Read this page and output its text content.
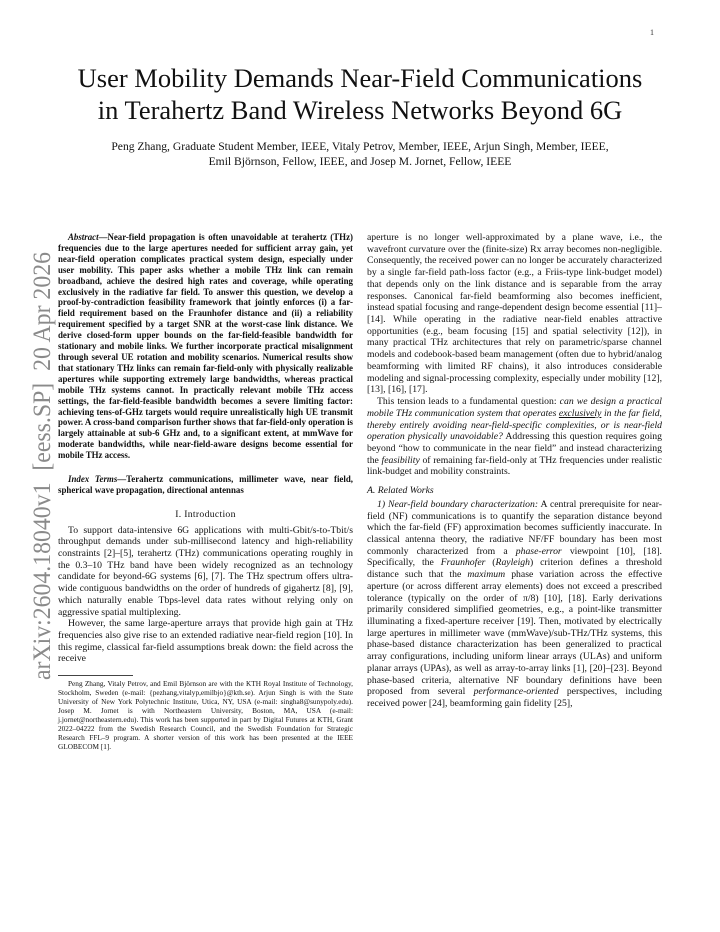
1
arXiv:2604.18040v1  [eess.SP]  20 Apr 2026
User Mobility Demands Near-Field Communications
in Terahertz Band Wireless Networks Beyond 6G
Peng Zhang, Graduate Student Member, IEEE, Vitaly Petrov, Member, IEEE, Arjun Singh, Member, IEEE,
Emil Björnson, Fellow, IEEE, and Josep M. Jornet, Fellow, IEEE

Abstract—Near-field propagation is often unavoidable at terahertz (THz) frequencies due to the large apertures needed for sufficient array gain, yet near-field operation complicates practical system design, especially under user mobility. This paper asks whether a mobile THz link can remain broadband, achieve the desired high rates and coverage, while operating exclusively in the radiative far field. To answer this question, we develop a proof-by-contradiction feasibility framework that jointly enforces (i) a far-field requirement based on the Fraunhofer distance and (ii) a reliability requirement specified by a target SNR at the worst-case link distance. We derive closed-form upper bounds on the far-field-feasible bandwidth for stationary and mobile links. We further incorporate practical misalignment through several UE rotation and mobility scenarios. Numerical results show that stationary THz links can remain far-field-only with physically realizable apertures while supporting extremely large bandwidths, whereas practical mobile THz systems cannot. In practically relevant mobile THz access settings, the far-field-feasible bandwidth becomes a severe limiting factor: achieving tens-of-GHz targets would require unrealistically high UE transmit power. A cross-band comparison further shows that far-field-only operation is largely attainable at sub-6 GHz and, to a significant extent, at mmWave for moderate bandwidths, while near-field-aware designs become essential for mobile THz access.

Index Terms—Terahertz communications, millimeter wave, near field, spherical wave propagation, directional antennas

I. Introduction

To support data-intensive 6G applications with multi-Gbit/s-to-Tbit/s throughput demands under sub-millisecond latency and high-reliability constraints [2]–[5], terahertz (THz) communications operating roughly in the 0.3–10 THz band have been widely recognized as an technology candidate for beyond-6G systems [6], [7]. The THz spectrum offers ultra-wide contiguous bandwidths on the order of hundreds of gigahertz [8], [9], which naturally enable Tbps-level data rates without relying only on aggressive spatial multiplexing.

However, the same large-aperture arrays that provide high gain at THz frequencies also give rise to an extended radiative near-field region [10]. In this regime, classical far-field assumptions break down: the field across the receive

Peng Zhang, Vitaly Petrov, and Emil Björnson are with the KTH Royal Institute of Technology, Stockholm, Sweden (e-mail: {pezhang,vitalyp,emilbjo}@kth.se). Arjun Singh is with the State University of New York Polytechnic Institute, Utica, NY, USA (e-mail: singha8@sunypoly.edu). Josep M. Jornet is with Northeastern University, Boston, MA, USA (e-mail: j.jornet@northeastern.edu). This work has been supported in part by Digital Futures at KTH, Grant 2022–04222 from the Swedish Research Council, and the Swedish Foundation for Strategic Research FFL–9 program. A shorter version of this work has been presented at the IEEE GLOBECOM [1].

aperture is no longer well-approximated by a plane wave, i.e., the wavefront curvature over the (finite-size) Rx array becomes non-negligible. Consequently, the received power can no longer be accurately characterized by a single far-field path-loss factor (e.g., a Friis-type link-budget model) that depends only on the link distance and is separable from the array responses. Canonical far-field beamforming also becomes inefficient, instead spatial focusing and range-dependent design become essential [11]–[14]. While operating in the radiative near-field enables attractive opportunities (e.g., beam focusing [15] and spatial selectivity [12]), in many practical THz architectures that rely on parametric/sparse channel models and codebook-based beam management (often due to hybrid/analog beamforming with limited RF chains), it also introduces considerable modeling and signal-processing complexity, especially under mobility [12], [13], [16], [17].

This tension leads to a fundamental question: can we design a practical mobile THz communication system that operates exclusively in the far field, thereby entirely avoiding near-field-specific complexities, or is near-field operation physically unavoidable? Addressing this question requires going beyond “how to communicate in the near field” and instead characterizing the feasibility of remaining far-field-only at THz frequencies under realistic link-budget and mobility constraints.

A. Related Works

1) Near-field boundary characterization: A central prerequisite for near-field (NF) communications is to quantify the separation distance beyond which the far-field (FF) approximation becomes sufficiently inaccurate. In classical antenna theory, the radiative NF/FF boundary has been most commonly characterized from a phase-error viewpoint [10], [18]. Specifically, the Fraunhofer (Rayleigh) criterion defines a threshold distance such that the maximum phase variation across the effective aperture (or across different array elements) does not exceed a prescribed tolerance (typically on the order of π/8) [10], [18]. Early derivations primarily considered simplified geometries, e.g., a point-like transmitter illuminating a fixed-aperture receiver [19]. Then, motivated by electrically large apertures in millimeter wave (mmWave)/sub-THz/THz systems, this phase-based distance characterization has been generalized to practical array configurations, including uniform linear arrays (ULAs) and uniform planar arrays (UPAs), as well as array-to-array links [1], [20]–[23]. Beyond phase-based criteria, alternative NF boundary definitions have been proposed from several performance-oriented perspectives, including received power [24], beamforming gain fidelity [25],
